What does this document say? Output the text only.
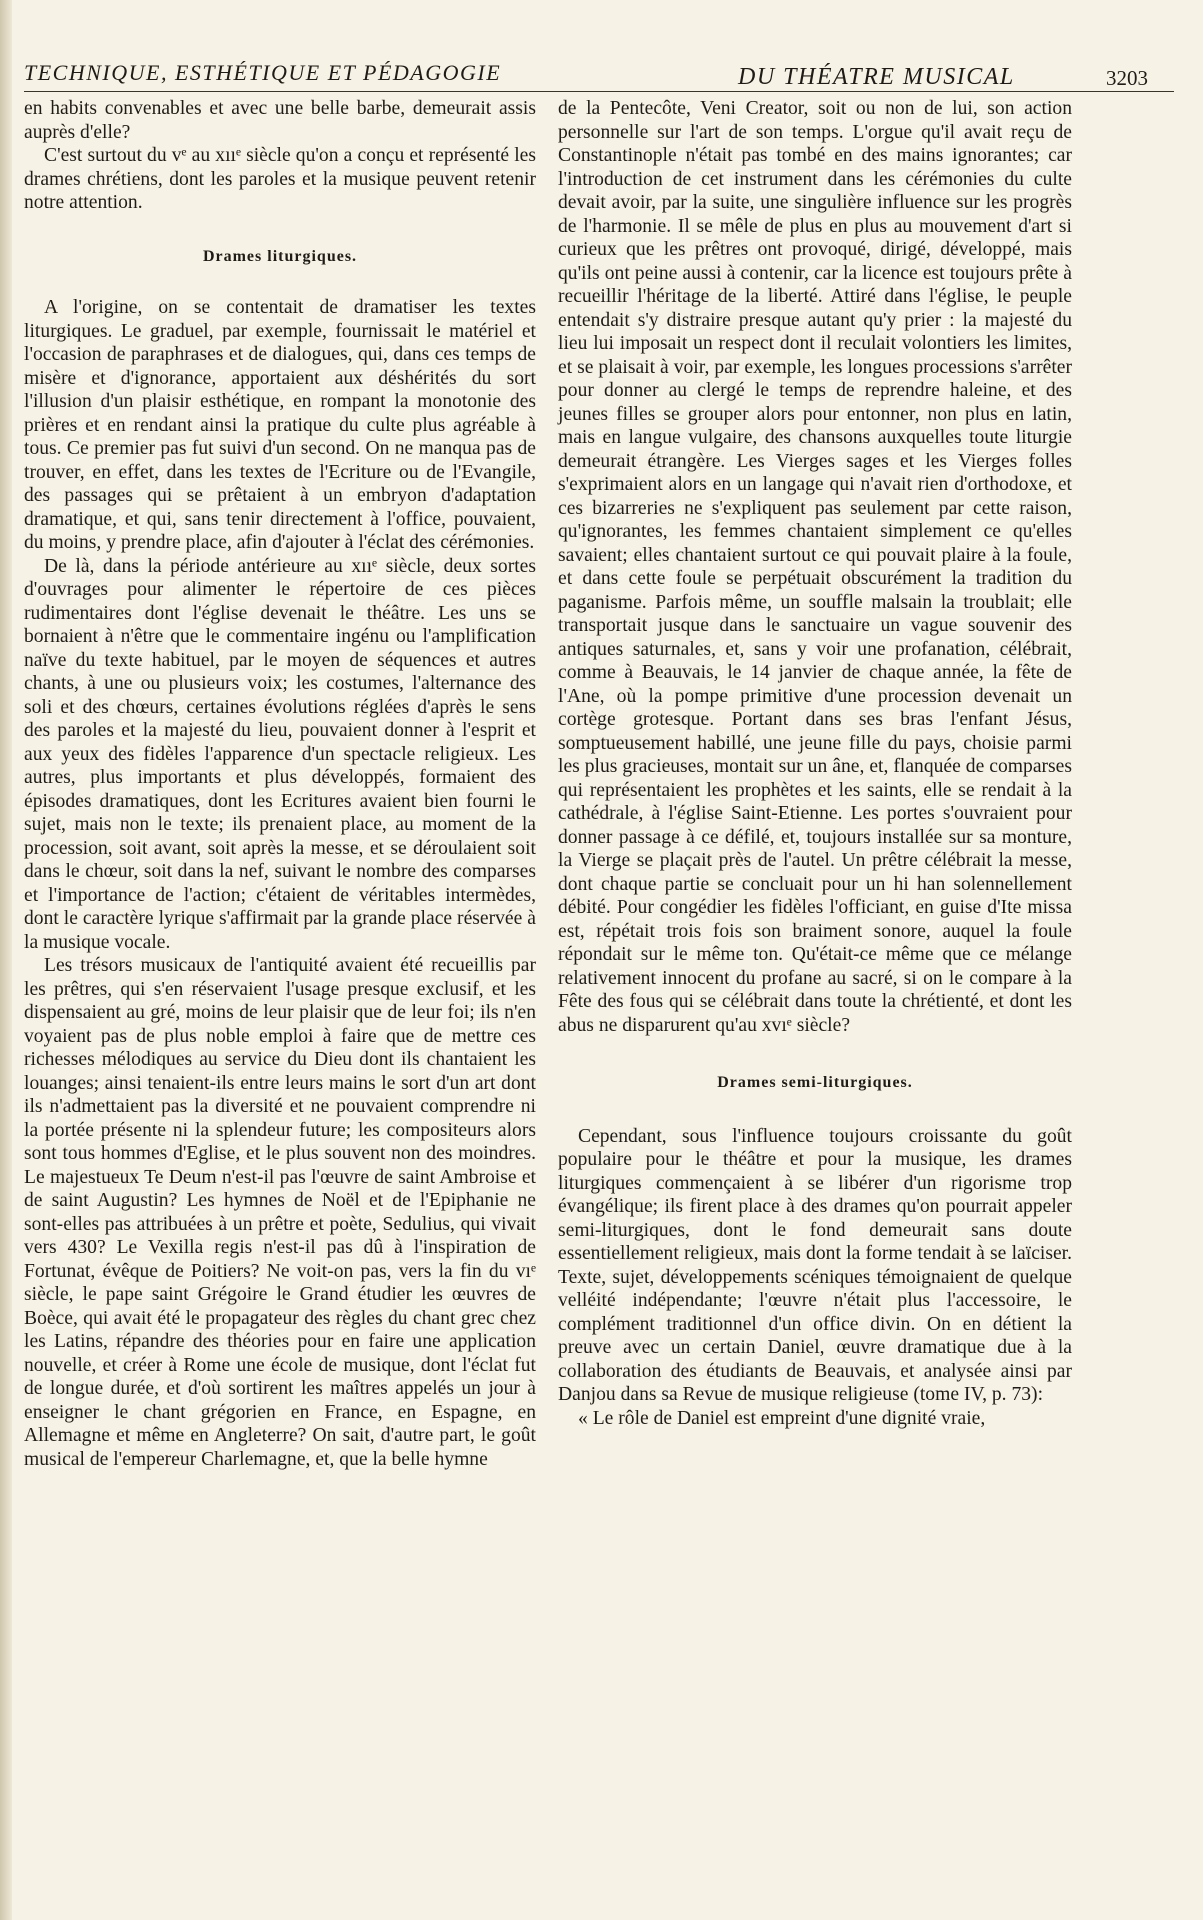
TECHNIQUE, ESTHÉTIQUE ET PÉDAGOGIE	DU THÉATRE MUSICAL	3203

en habits convenables et avec une belle barbe, demeurait assis auprès d'elle?

C'est surtout du vᵉ au xııᵉ siècle qu'on a conçu et représenté les drames chrétiens, dont les paroles et la musique peuvent retenir notre attention.

Drames liturgiques.

A l'origine, on se contentait de dramatiser les textes liturgiques. Le graduel, par exemple, fournissait le matériel et l'occasion de paraphrases et de dialogues, qui, dans ces temps de misère et d'ignorance, apportaient aux déshérités du sort l'illusion d'un plaisir esthétique, en rompant la monotonie des prières et en rendant ainsi la pratique du culte plus agréable à tous. Ce premier pas fut suivi d'un second. On ne manqua pas de trouver, en effet, dans les textes de l'Ecriture ou de l'Evangile, des passages qui se prêtaient à un embryon d'adaptation dramatique, et qui, sans tenir directement à l'office, pouvaient, du moins, y prendre place, afin d'ajouter à l'éclat des cérémonies.

De là, dans la période antérieure au xııᵉ siècle, deux sortes d'ouvrages pour alimenter le répertoire de ces pièces rudimentaires dont l'église devenait le théâtre. Les uns se bornaient à n'être que le commentaire ingénu ou l'amplification naïve du texte habituel, par le moyen de séquences et autres chants, à une ou plusieurs voix; les costumes, l'alternance des soli et des chœurs, certaines évolutions réglées d'après le sens des paroles et la majesté du lieu, pouvaient donner à l'esprit et aux yeux des fidèles l'apparence d'un spectacle religieux. Les autres, plus importants et plus développés, formaient des épisodes dramatiques, dont les Ecritures avaient bien fourni le sujet, mais non le texte; ils prenaient place, au moment de la procession, soit avant, soit après la messe, et se déroulaient soit dans le chœur, soit dans la nef, suivant le nombre des comparses et l'importance de l'action; c'étaient de véritables intermèdes, dont le caractère lyrique s'affirmait par la grande place réservée à la musique vocale.

Les trésors musicaux de l'antiquité avaient été recueillis par les prêtres, qui s'en réservaient l'usage presque exclusif, et les dispensaient au gré, moins de leur plaisir que de leur foi; ils n'en voyaient pas de plus noble emploi à faire que de mettre ces richesses mélodiques au service du Dieu dont ils chantaient les louanges; ainsi tenaient-ils entre leurs mains le sort d'un art dont ils n'admettaient pas la diversité et ne pouvaient comprendre ni la portée présente ni la splendeur future; les compositeurs alors sont tous hommes d'Eglise, et le plus souvent non des moindres. Le majestueux Te Deum n'est-il pas l'œuvre de saint Ambroise et de saint Augustin? Les hymnes de Noël et de l'Epiphanie ne sont-elles pas attribuées à un prêtre et poète, Sedulius, qui vivait vers 430? Le Vexilla regis n'est-il pas dû à l'inspiration de Fortunat, évêque de Poitiers? Ne voit-on pas, vers la fin du vıᵉ siècle, le pape saint Grégoire le Grand étudier les œuvres de Boèce, qui avait été le propagateur des règles du chant grec chez les Latins, répandre des théories pour en faire une application nouvelle, et créer à Rome une école de musique, dont l'éclat fut de longue durée, et d'où sortirent les maîtres appelés un jour à enseigner le chant grégorien en France, en Espagne, en Allemagne et même en Angleterre? On sait, d'autre part, le goût musical de l'empereur Charlemagne, et, que la belle hymne

de la Pentecôte, Veni Creator, soit ou non de lui, son action personnelle sur l'art de son temps. L'orgue qu'il avait reçu de Constantinople n'était pas tombé en des mains ignorantes; car l'introduction de cet instrument dans les cérémonies du culte devait avoir, par la suite, une singulière influence sur les progrès de l'harmonie. Il se mêle de plus en plus au mouvement d'art si curieux que les prêtres ont provoqué, dirigé, développé, mais qu'ils ont peine aussi à contenir, car la licence est toujours prête à recueillir l'héritage de la liberté. Attiré dans l'église, le peuple entendait s'y distraire presque autant qu'y prier : la majesté du lieu lui imposait un respect dont il reculait volontiers les limites, et se plaisait à voir, par exemple, les longues processions s'arrêter pour donner au clergé le temps de reprendre haleine, et des jeunes filles se grouper alors pour entonner, non plus en latin, mais en langue vulgaire, des chansons auxquelles toute liturgie demeurait étrangère. Les Vierges sages et les Vierges folles s'exprimaient alors en un langage qui n'avait rien d'orthodoxe, et ces bizarreries ne s'expliquent pas seulement par cette raison, qu'ignorantes, les femmes chantaient simplement ce qu'elles savaient; elles chantaient surtout ce qui pouvait plaire à la foule, et dans cette foule se perpétuait obscurément la tradition du paganisme. Parfois même, un souffle malsain la troublait; elle transportait jusque dans le sanctuaire un vague souvenir des antiques saturnales, et, sans y voir une profanation, célébrait, comme à Beauvais, le 14 janvier de chaque année, la fête de l'Ane, où la pompe primitive d'une procession devenait un cortège grotesque. Portant dans ses bras l'enfant Jésus, somptueusement habillé, une jeune fille du pays, choisie parmi les plus gracieuses, montait sur un âne, et, flanquée de comparses qui représentaient les prophètes et les saints, elle se rendait à la cathédrale, à l'église Saint-Etienne. Les portes s'ouvraient pour donner passage à ce défilé, et, toujours installée sur sa monture, la Vierge se plaçait près de l'autel. Un prêtre célébrait la messe, dont chaque partie se concluait pour un hi han solennellement débité. Pour congédier les fidèles l'officiant, en guise d'Ite missa est, répétait trois fois son braiment sonore, auquel la foule répondait sur le même ton. Qu'était-ce même que ce mélange relativement innocent du profane au sacré, si on le compare à la Fête des fous qui se célébrait dans toute la chrétienté, et dont les abus ne disparurent qu'au xvıᵉ siècle?

Drames semi-liturgiques.

Cependant, sous l'influence toujours croissante du goût populaire pour le théâtre et pour la musique, les drames liturgiques commençaient à se libérer d'un rigorisme trop évangélique; ils firent place à des drames qu'on pourrait appeler semi-liturgiques, dont le fond demeurait sans doute essentiellement religieux, mais dont la forme tendait à se laïciser. Texte, sujet, développements scéniques témoignaient de quelque velléité indépendante; l'œuvre n'était plus l'accessoire, le complément traditionnel d'un office divin. On en détient la preuve avec un certain Daniel, œuvre dramatique due à la collaboration des étudiants de Beauvais, et analysée ainsi par Danjou dans sa Revue de musique religieuse (tome IV, p. 73):

« Le rôle de Daniel est empreint d'une dignité vraie,
